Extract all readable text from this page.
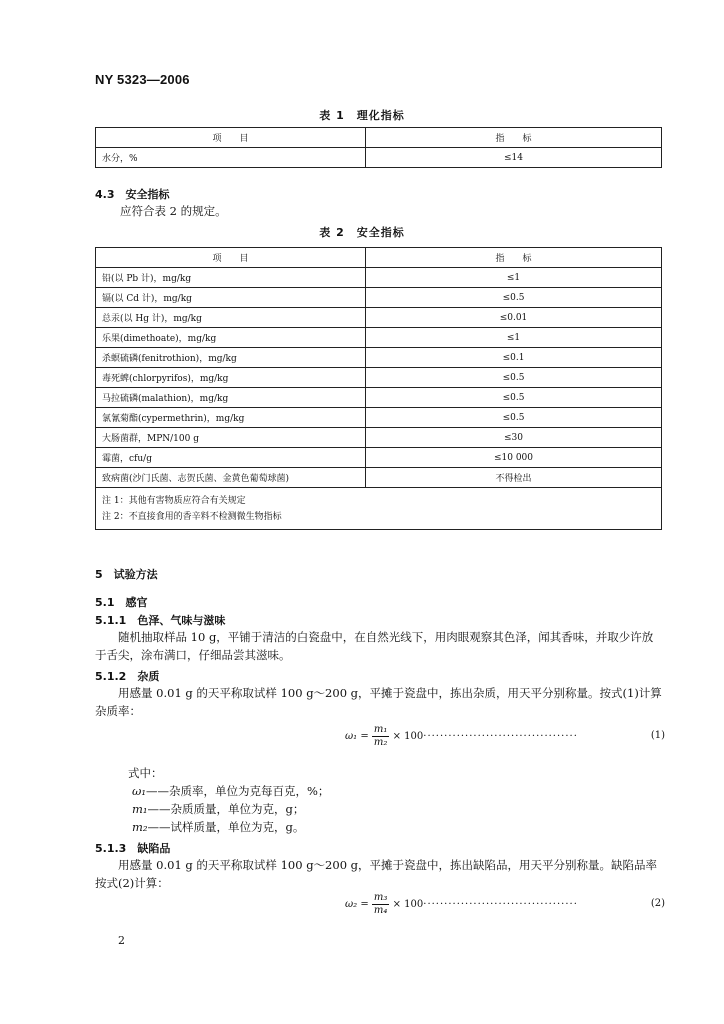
NY 5323—2006
表 1　理化指标
项　　目	指　　标
水分，%	≤14
4.3　安全指标
应符合表 2 的规定。
表 2　安全指标
项　　目	指　　标
铅(以 Pb 计)，mg/kg	≤1
镉(以 Cd 计)，mg/kg	≤0.5
总汞(以 Hg 计)，mg/kg	≤0.01
乐果(dimethoate)，mg/kg	≤1
杀螟硫磷(fenitrothion)，mg/kg	≤0.1
毒死蜱(chlorpyrifos)，mg/kg	≤0.5
马拉硫磷(malathion)，mg/kg	≤0.5
氯氰菊酯(cypermethrin)，mg/kg	≤0.5
大肠菌群，MPN/100 g	≤30
霉菌，cfu/g	≤10 000
致病菌(沙门氏菌、志贺氏菌、金黄色葡萄球菌)	不得检出

注 1：其他有害物质应符合有关规定
注 2：不直接食用的香辛料不检测微生物指标	
5　试验方法
5.1　感官
5.1.1　色泽、气味与滋味
随机抽取样品 10 g，平铺于清洁的白瓷盘中，在自然光线下，用肉眼观察其色泽，闻其香味，并取少许放于舌尖，涂布满口，仔细品尝其滋味。
5.1.2　杂质
用感量 0.01 g 的天平称取试样 100 g～200 g，平摊于瓷盘中，拣出杂质，用天平分别称量。按式(1)计算杂质率：
$\omega_1 = \frac{\text{m₁}}{\text{m₂}} \times 100\cdot\cdot\cdot\cdot\cdot\cdot\cdot\cdot\cdot\cdot\cdot\cdot\cdot\cdot\cdot\cdot\cdot\cdot\cdot\cdot\cdot\cdot\cdot\cdot\cdot\cdot\cdot\cdot\cdot\cdot\cdot\cdot\cdot\cdot\cdot\cdot\cdot$	(1)
式中：
ω₁——杂质率，单位为克每百克，%；
m₁——杂质质量，单位为克，g；
m₂——试样质量，单位为克，g。
5.1.3　缺陷品
用感量 0.01 g 的天平称取试样 100 g～200 g，平摊于瓷盘中，拣出缺陷品，用天平分别称量。缺陷品率按式(2)计算：
$\omega_2 = \frac{\text{m₃}}{\text{m₄}} \times 100\cdot\cdot\cdot\cdot\cdot\cdot\cdot\cdot\cdot\cdot\cdot\cdot\cdot\cdot\cdot\cdot\cdot\cdot\cdot\cdot\cdot\cdot\cdot\cdot\cdot\cdot\cdot\cdot\cdot\cdot\cdot\cdot\cdot\cdot\cdot\cdot\cdot$	(2)
2
